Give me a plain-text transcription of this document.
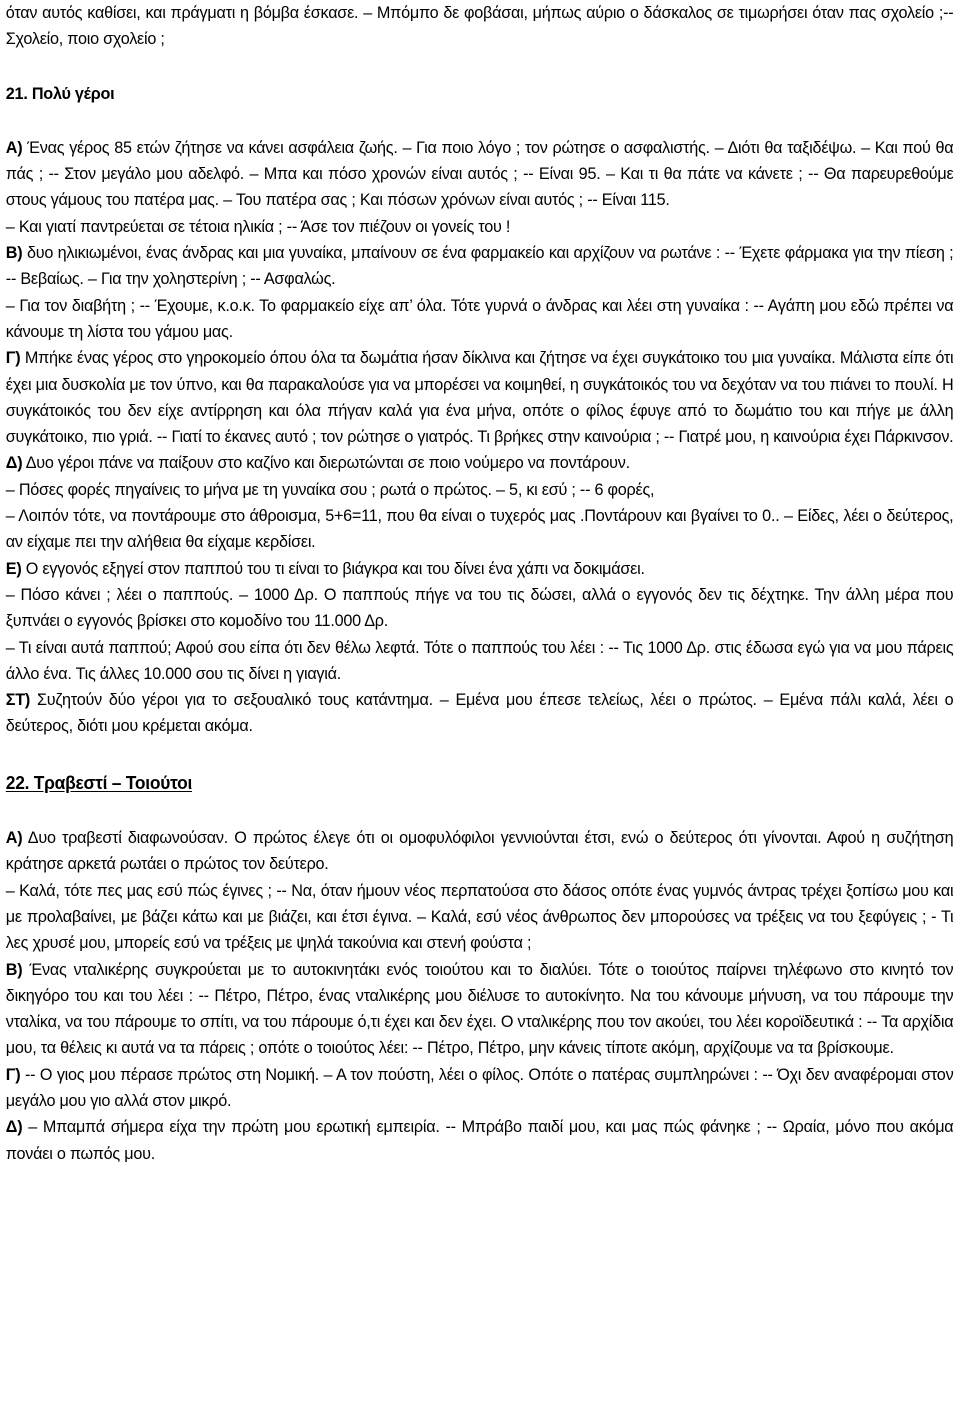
όταν αυτός καθίσει, και πράγματι η βόμβα έσκασε. – Μπόμπο δε φοβάσαι, μήπως αύριο ο δάσκαλος σε τιμωρήσει όταν πας σχολείο ;-- Σχολείο, ποιο σχολείο ;

21. Πολύ γέροι

Α) Ένας γέρος 85 ετών ζήτησε να κάνει ασφάλεια ζωής. – Για ποιο λόγο ; τον ρώτησε ο ασφαλιστής. – Διότι θα ταξιδέψω. – Και πού θα πάς ; -- Στον μεγάλο μου αδελφό. – Μπα και πόσο χρονών είναι αυτός ; -- Είναι 95. – Και τι θα πάτε να κάνετε ; -- Θα παρευρεθούμε στους γάμους του πατέρα μας. – Του πατέρα σας ; Και πόσων χρόνων είναι αυτός ; -- Είναι 115.

– Και γιατί παντρεύεται σε τέτοια ηλικία ; -- Άσε τον πιέζουν οι γονείς του !

Β) δυο ηλικιωμένοι, ένας άνδρας και μια γυναίκα, μπαίνουν σε ένα φαρμακείο και αρχίζουν να ρωτάνε : -- Έχετε φάρμακα για την πίεση ; -- Βεβαίως. – Για την χοληστερίνη ; -- Ασφαλώς.

– Για τον διαβήτη ; -- Έχουμε, κ.ο.κ. Το φαρμακείο είχε απ’ όλα. Τότε γυρνά ο άνδρας και λέει στη γυναίκα : -- Αγάπη μου εδώ πρέπει να κάνουμε τη λίστα του γάμου μας.

Γ) Μπήκε ένας γέρος στο γηροκομείο όπου όλα τα δωμάτια ήσαν δίκλινα και ζήτησε να έχει συγκάτοικο του μια γυναίκα. Μάλιστα είπε ότι έχει μια δυσκολία με τον ύπνο, και θα παρακαλούσε για να μπορέσει να κοιμηθεί, η συγκάτοικός του να δεχόταν να του πιάνει το πουλί. Η συγκάτοικός του δεν είχε αντίρρηση και όλα πήγαν καλά για ένα μήνα, οπότε ο φίλος έφυγε από το δωμάτιο του και πήγε με άλλη συγκάτοικο, πιο γριά. -- Γιατί το έκανες αυτό ; τον ρώτησε ο γιατρός. Τι βρήκες στην καινούρια ; -- Γιατρέ μου, η καινούρια έχει Πάρκινσον.

Δ) Δυο γέροι πάνε να παίξουν στο καζίνο και διερωτώνται σε ποιο νούμερο να ποντάρουν.

– Πόσες φορές πηγαίνεις το μήνα με τη γυναίκα σου ; ρωτά ο πρώτος. – 5, κι εσύ ; -- 6 φορές,

– Λοιπόν τότε, να ποντάρουμε στο άθροισμα, 5+6=11, που θα είναι ο τυχερός μας .Ποντάρουν και βγαίνει το 0.. – Είδες, λέει ο δεύτερος, αν είχαμε πει την αλήθεια θα είχαμε κερδίσει.

Ε) Ο εγγονός εξηγεί στον παππού του τι είναι το βιάγκρα και του δίνει ένα χάπι να δοκιμάσει.

– Πόσο κάνει ; λέει ο παππούς. – 1000 Δρ. Ο παππούς πήγε να του τις δώσει, αλλά ο εγγονός δεν τις δέχτηκε. Την άλλη μέρα που ξυπνάει ο εγγονός βρίσκει στο κομοδίνο του 11.000 Δρ.

– Τι είναι αυτά παππού; Αφού σου είπα ότι δεν θέλω λεφτά. Τότε ο παππούς του λέει : -- Τις 1000 Δρ. στις έδωσα εγώ για να μου πάρεις άλλο ένα. Τις άλλες 10.000 σου τις δίνει η γιαγιά.

ΣΤ) Συζητούν δύο γέροι για το σεξουαλικό τους κατάντημα. – Εμένα μου έπεσε τελείως, λέει ο πρώτος. – Εμένα πάλι καλά, λέει ο δεύτερος, διότι μου κρέμεται ακόμα.

22. Τραβεστί – Τοιούτοι

Α) Δυο τραβεστί διαφωνούσαν. Ο πρώτος έλεγε ότι οι ομοφυλόφιλοι γεννιούνται έτσι, ενώ ο δεύτερος ότι γίνονται. Αφού η συζήτηση κράτησε αρκετά ρωτάει ο πρώτος τον δεύτερο.

– Καλά, τότε πες μας εσύ πώς έγινες ; -- Να, όταν ήμουν νέος περπατούσα στο δάσος οπότε ένας γυμνός άντρας τρέχει ξοπίσω μου και με προλαβαίνει, με βάζει κάτω και με βιάζει, και έτσι έγινα. – Καλά, εσύ νέος άνθρωπος δεν μπορούσες να τρέξεις να του ξεφύγεις ; - Τι λες χρυσέ μου, μπορείς εσύ να τρέξεις με ψηλά τακούνια και στενή φούστα ;

Β) Ένας νταλικέρης συγκρούεται με το αυτοκινητάκι ενός τοιούτου και το διαλύει. Τότε ο τοιούτος παίρνει τηλέφωνο στο κινητό τον δικηγόρο του και του λέει : -- Πέτρο, Πέτρο, ένας νταλικέρης μου διέλυσε το αυτοκίνητο. Να του κάνουμε μήνυση, να του πάρουμε την νταλίκα, να του πάρουμε το σπίτι, να του πάρουμε ό,τι έχει και δεν έχει. Ο νταλικέρης που τον ακούει, του λέει κοροϊδευτικά : -- Τα αρχίδια μου, τα θέλεις κι αυτά να τα πάρεις ; οπότε ο τοιούτος λέει: -- Πέτρο, Πέτρο, μην κάνεις τίποτε ακόμη, αρχίζουμε να τα βρίσκουμε.

Γ) -- Ο γιος μου πέρασε πρώτος στη Νομική. – Α τον πούστη, λέει ο φίλος. Οπότε ο πατέρας συμπληρώνει : -- Όχι δεν αναφέρομαι στον μεγάλο μου γιο αλλά στον μικρό.

Δ) – Μπαμπά σήμερα είχα την πρώτη μου ερωτική εμπειρία. -- Μπράβο παιδί μου, και μας πώς φάνηκε ; -- Ωραία, μόνο που ακόμα πονάει ο πωπός μου.
